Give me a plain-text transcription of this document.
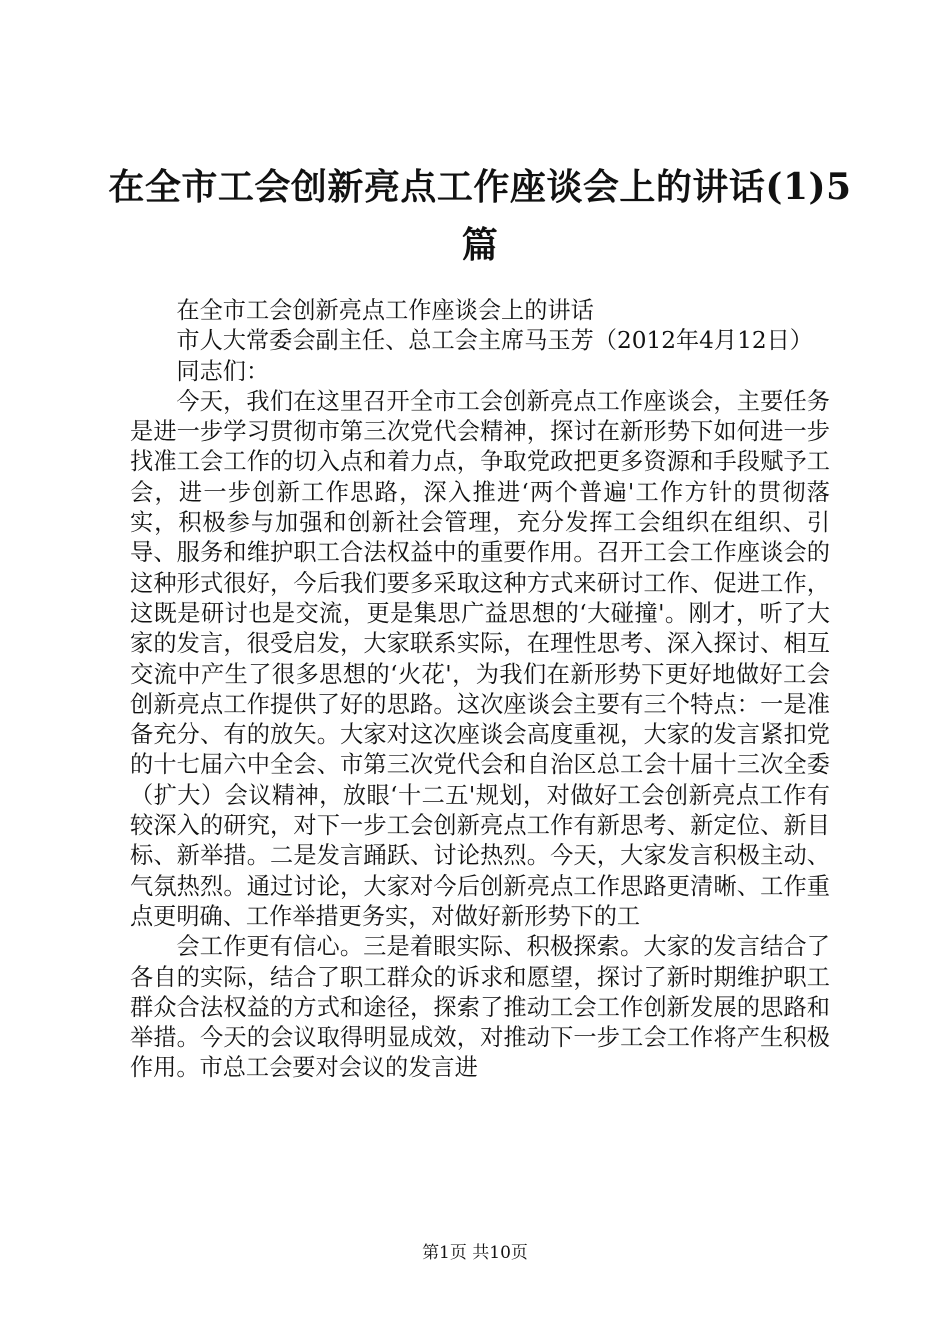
在全市工会创新亮点工作座谈会上的讲话(1)5篇

在全市工会创新亮点工作座谈会上的讲话

市人大常委会副主任、总工会主席马玉芳（2012年4月12日）

同志们：

今天，我们在这里召开全市工会创新亮点工作座谈会，主要任务是进一步学习贯彻市第三次党代会精神，探讨在新形势下如何进一步找准工会工作的切入点和着力点，争取党政把更多资源和手段赋予工会，进一步创新工作思路，深入推进‘两个普遍'工作方针的贯彻落实，积极参与加强和创新社会管理，充分发挥工会组织在组织、引导、服务和维护职工合法权益中的重要作用。召开工会工作座谈会的这种形式很好，今后我们要多采取这种方式来研讨工作、促进工作，这既是研讨也是交流，更是集思广益思想的‘大碰撞'。刚才，听了大家的发言，很受启发，大家联系实际，在理性思考、深入探讨、相互交流中产生了很多思想的‘火花'，为我们在新形势下更好地做好工会创新亮点工作提供了好的思路。这次座谈会主要有三个特点：一是准备充分、有的放矢。大家对这次座谈会高度重视，大家的发言紧扣党的十七届六中全会、市第三次党代会和自治区总工会十届十三次全委（扩大）会议精神，放眼‘十二五'规划，对做好工会创新亮点工作有较深入的研究，对下一步工会创新亮点工作有新思考、新定位、新目标、新举措。二是发言踊跃、讨论热烈。今天，大家发言积极主动、气氛热烈。通过讨论，大家对今后创新亮点工作思路更清晰、工作重点更明确、工作举措更务实，对做好新形势下的工

会工作更有信心。三是着眼实际、积极探索。大家的发言结合了各自的实际，结合了职工群众的诉求和愿望，探讨了新时期维护职工群众合法权益的方式和途径，探索了推动工会工作创新发展的思路和举措。今天的会议取得明显成效，对推动下一步工会工作将产生积极作用。市总工会要对会议的发言进

第1页 共10页
